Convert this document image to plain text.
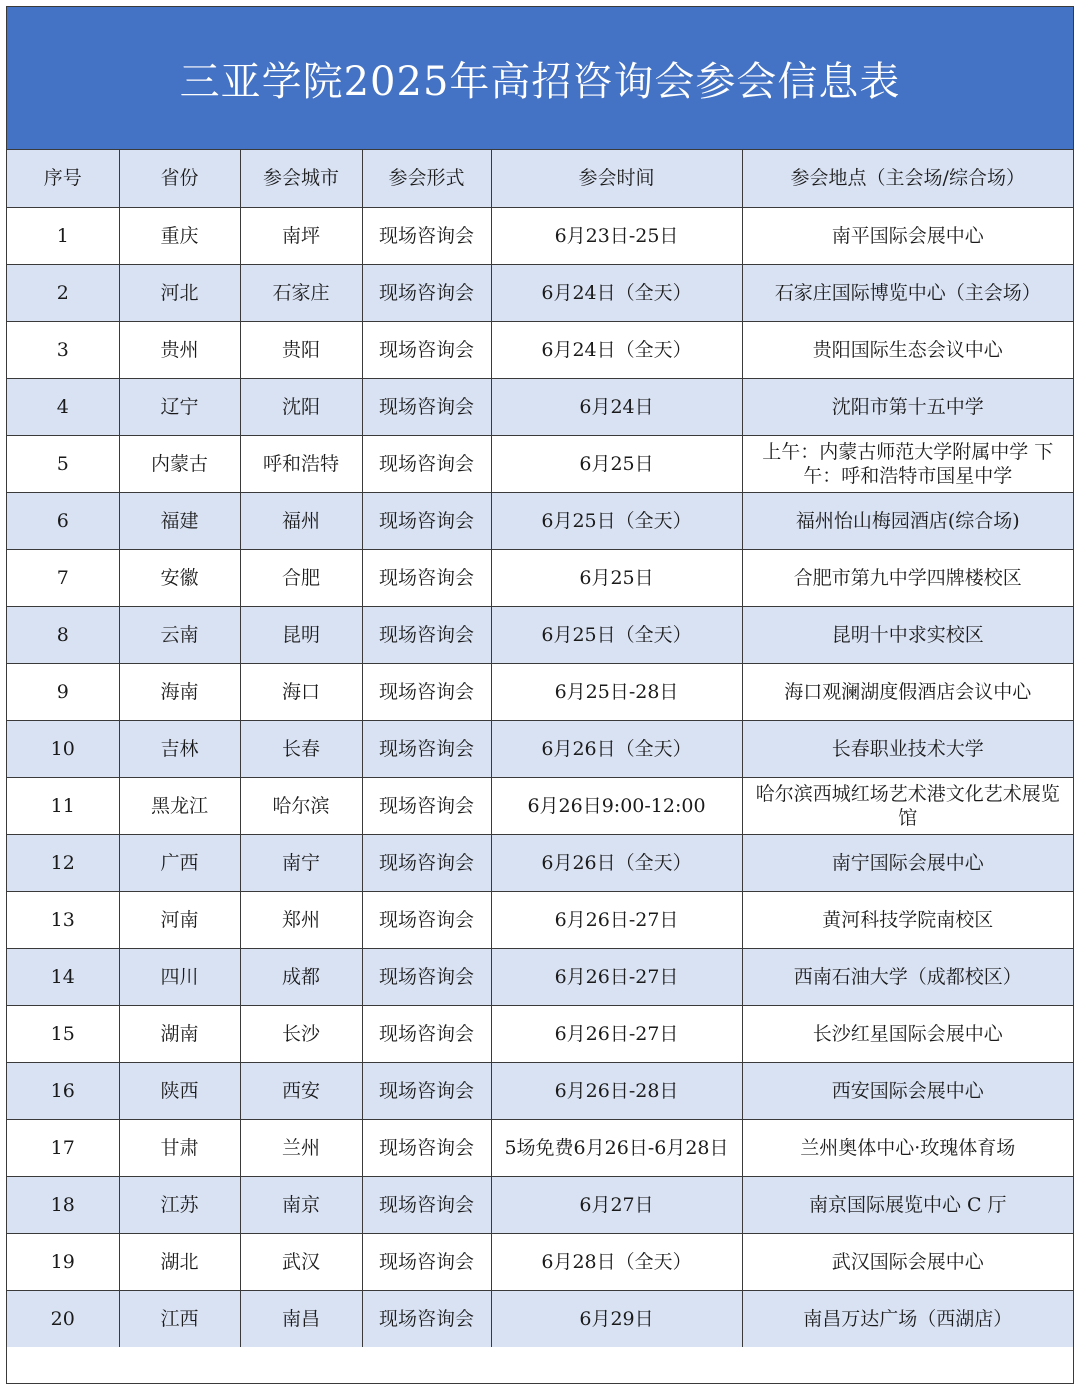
三亚学院2025年高招咨询会参会信息表
序号	省份	参会城市	参会形式	参会时间	参会地点（主会场/综合场）
1	重庆	南坪	现场咨询会	6月23日-25日	南平国际会展中心
2	河北	石家庄	现场咨询会	6月24日（全天）	石家庄国际博览中心（主会场）
3	贵州	贵阳	现场咨询会	6月24日（全天）	贵阳国际生态会议中心
4	辽宁	沈阳	现场咨询会	6月24日	沈阳市第十五中学
5	内蒙古	呼和浩特	现场咨询会	6月25日	上午：内蒙古师范大学附属中学 下午：呼和浩特市国星中学
6	福建	福州	现场咨询会	6月25日（全天）	福州怡山梅园酒店(综合场)
7	安徽	合肥	现场咨询会	6月25日	合肥市第九中学四牌楼校区
8	云南	昆明	现场咨询会	6月25日（全天）	昆明十中求实校区
9	海南	海口	现场咨询会	6月25日-28日	海口观澜湖度假酒店会议中心
10	吉林	长春	现场咨询会	6月26日（全天）	长春职业技术大学
11	黑龙江	哈尔滨	现场咨询会	6月26日9:00-12:00	哈尔滨西城红场艺术港文化艺术展览馆
12	广西	南宁	现场咨询会	6月26日（全天）	南宁国际会展中心
13	河南	郑州	现场咨询会	6月26日-27日	黄河科技学院南校区
14	四川	成都	现场咨询会	6月26日-27日	西南石油大学（成都校区）
15	湖南	长沙	现场咨询会	6月26日-27日	长沙红星国际会展中心
16	陕西	西安	现场咨询会	6月26日-28日	西安国际会展中心
17	甘肃	兰州	现场咨询会	5场免费6月26日-6月28日	兰州奥体中心·玫瑰体育场
18	江苏	南京	现场咨询会	6月27日	南京国际展览中心 C 厅
19	湖北	武汉	现场咨询会	6月28日（全天）	武汉国际会展中心
20	江西	南昌	现场咨询会	6月29日	南昌万达广场（西湖店）
